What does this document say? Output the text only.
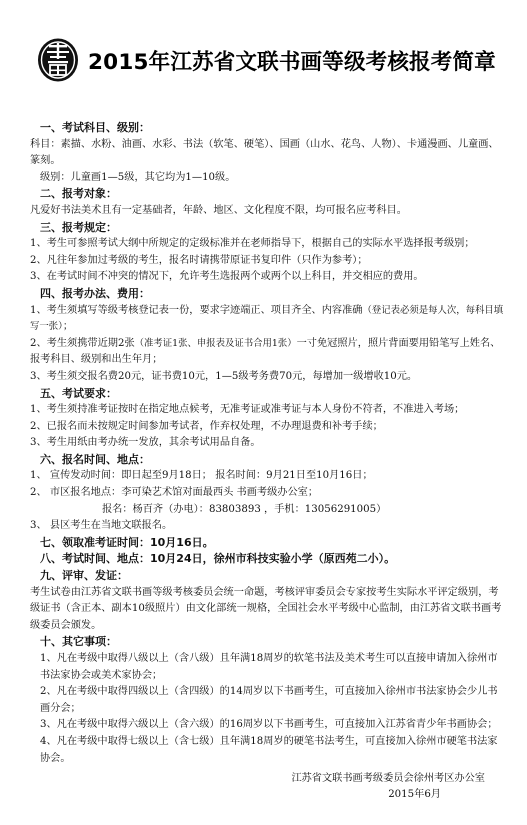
2015年江苏省文联书画等级考核报考简章
一、考试科目、级别：
科目：素描、水粉、油画、水彩、书法（软笔、硬笔）、国画（山水、花鸟、人物）、卡通漫画、儿童画、篆刻。
级别：儿童画1—5级，其它均为1—10级。
二、报考对象：
凡爱好书法美术且有一定基础者，年龄、地区、文化程度不限，均可报名应考科目。
三、报考规定：
1、考生可参照考试大纲中所规定的定级标准并在老师指导下，根据自己的实际水平选择报考级别；
2、凡往年参加过考级的考生，报名时请携带原证书复印件（只作为参考）；
3、在考试时间不冲突的情况下，允许考生选报两个或两个以上科目，并交相应的费用。
四、报考办法、费用：
1、考生须填写等级考核登记表一份，要求字迹端正、项目齐全、内容准确（登记表必须是每人次，每科目填写一张）；
2、考生须携带近期2张（准考证1张、申报表及证书合用1张）一寸免冠照片，照片背面要用铅笔写上姓名、报考科目、级别和出生年月；
3、考生须交报名费20元，证书费10元，1—5级考务费70元，每增加一级增收10元。
五、考试要求：
1、考生须持准考证按时在指定地点候考，无准考证或准考证与本人身份不符者，不准进入考场；
2、已报名而未按规定时间参加考试者，作弃权处理，不办理退费和补考手续；
3、考生用纸由考办统一发放，其余考试用品自备。
六、报名时间、地点：
1、 宣传发动时间：即日起至9月18日； 报名时间：9月21日至10月16日；
2、 市区报名地点：李可染艺术馆对面最西头 书画考级办公室；
报名：杨百齐（办电）：83803893 ，手机：13056291005）
3、 县区考生在当地文联报名。
七、领取准考证时间：10月16日。
八、考试时间、地点：10月24日，徐州市科技实验小学（原西苑二小）。
九、评审、发证：
考生试卷由江苏省文联书画等级考核委员会统一命题，考核评审委员会专家按考生实际水平评定级别，考级证书（含正本、副本10级照片）由文化部统一规格，全国社会水平考级中心监制，由江苏省文联书画考级委员会颁发。
十、其它事项：
1、凡在考级中取得八级以上（含八级）且年满18周岁的软笔书法及美术考生可以直接申请加入徐州市书法家协会或美术家协会；
2、凡在考级中取得四级以上（含四级）的14周岁以下书画考生，可直接加入徐州市书法家协会少儿书画分会；
3、凡在考级中取得六级以上（含六级）的16周岁以下书画考生，可直接加入江苏省青少年书画协会；
4、凡在考级中取得七级以上（含七级）且年满18周岁的硬笔书法考生，可直接加入徐州市硬笔书法家协会。
江苏省文联书画考级委员会徐州考区办公室
2015年6月
